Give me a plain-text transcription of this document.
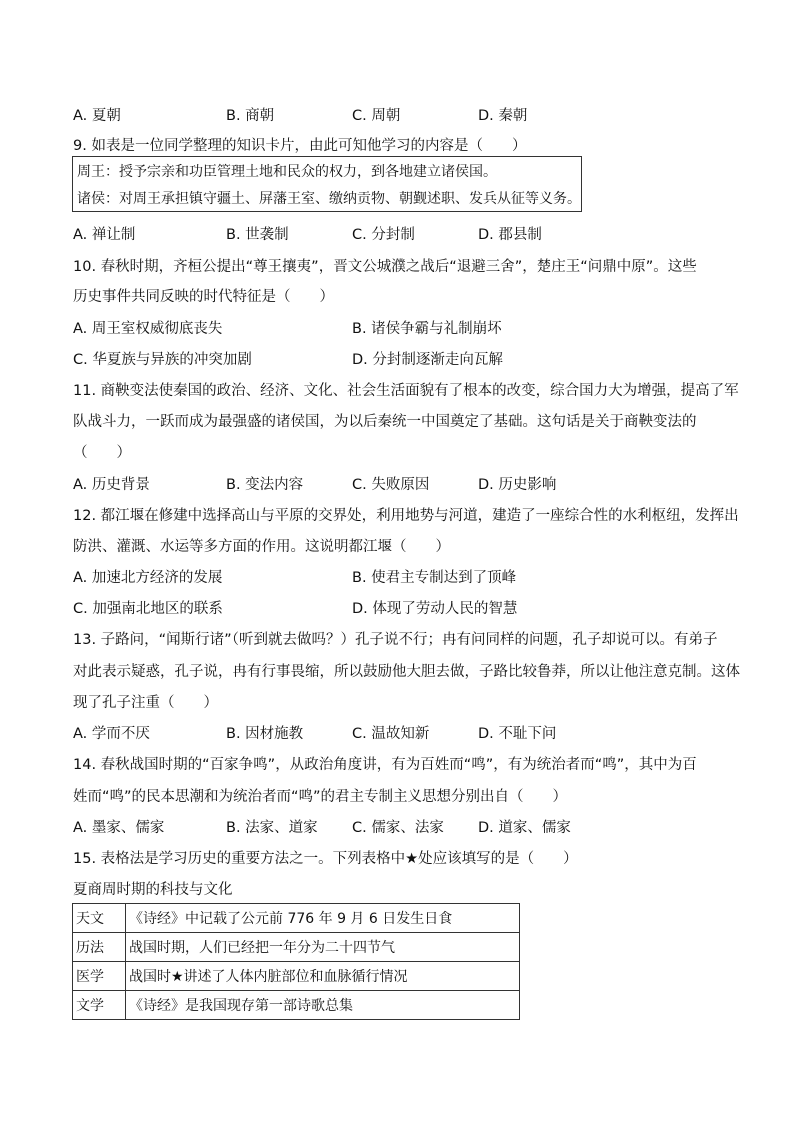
A. 夏朝	B. 商朝	C. 周朝	D. 秦朝
9. 如表是一位同学整理的知识卡片，由此可知他学习的内容是（　　）
周王：授予宗亲和功臣管理土地和民众的权力，到各地建立诸侯国。
诸侯：对周王承担镇守疆土、屏藩王室、缴纳贡物、朝觐述职、发兵从征等义务。
A. 禅让制	B. 世袭制	C. 分封制	D. 郡县制
10. 春秋时期，齐桓公提出“尊王攘夷”，晋文公城濮之战后“退避三舍”，楚庄王“问鼎中原”。这些
历史事件共同反映的时代特征是（　　）
A. 周王室权威彻底丧失	B. 诸侯争霸与礼制崩坏
C. 华夏族与异族的冲突加剧	D. 分封制逐渐走向瓦解
11. 商鞅变法使秦国的政治、经济、文化、社会生活面貌有了根本的改变，综合国力大为增强，提高了军
队战斗力，一跃而成为最强盛的诸侯国，为以后秦统一中国奠定了基础。这句话是关于商鞅变法的
（　　）
A. 历史背景	B. 变法内容	C. 失败原因	D. 历史影响
12. 都江堰在修建中选择高山与平原的交界处，利用地势与河道，建造了一座综合性的水利枢纽，发挥出
防洪、灌溉、水运等多方面的作用。这说明都江堰（　　）
A. 加速北方经济的发展	B. 使君主专制达到了顶峰
C. 加强南北地区的联系	D. 体现了劳动人民的智慧
13. 子路问，“闻斯行诸”（听到就去做吗？）孔子说不行；冉有问同样的问题，孔子却说可以。有弟子
对此表示疑惑，孔子说，冉有行事畏缩，所以鼓励他大胆去做，子路比较鲁莽，所以让他注意克制。这体
现了孔子注重（　　）
A. 学而不厌	B. 因材施教	C. 温故知新	D. 不耻下问
14. 春秋战国时期的“百家争鸣”，从政治角度讲，有为百姓而“鸣”，有为统治者而“鸣”，其中为百
姓而“鸣”的民本思潮和为统治者而“鸣”的君主专制主义思想分别出自（　　）
A. 墨家、儒家	B. 法家、道家 C. 儒家、法家 D. 道家、儒家
15. 表格法是学习历史的重要方法之一。下列表格中★处应该填写的是（　　）
夏商周时期的科技与文化
天文	《诗经》中记载了公元前 776 年 9 月 6 日发生日食
历法	战国时期，人们已经把一年分为二十四节气
医学	战国时★讲述了人体内脏部位和血脉循行情况
文学	《诗经》是我国现存第一部诗歌总集
